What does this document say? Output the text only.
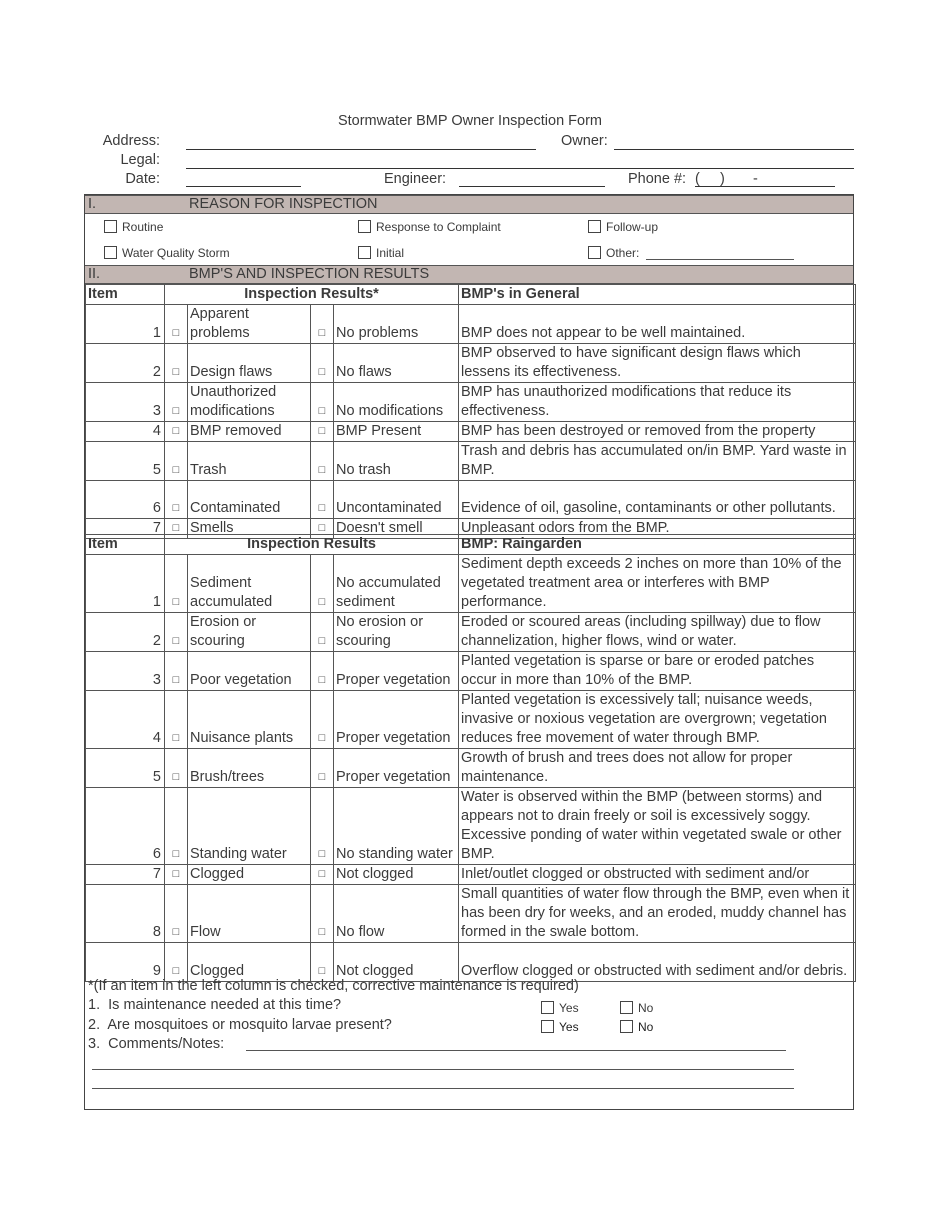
Stormwater BMP Owner Inspection Form
Address:	Owner:
Legal:
Date:	Engineer:	Phone #: (     )       -
I.	REASON FOR INSPECTION
Routine	Response to Complaint	Follow-up
Water Quality Storm	Initial	Other:
II.	BMP'S AND INSPECTION RESULTS
Item	Inspection Results*				BMP's in General
1	□	Apparent problems	□	No problems	BMP does not appear to be well maintained.
2	□	Design flaws	□	No flaws	BMP observed to have significant design flaws which lessens its effectiveness.
3	□	Unauthorized modifications	□	No modifications	BMP has unauthorized modifications that reduce its effectiveness.
4	□	BMP removed	□	BMP Present	BMP has been destroyed or removed from the property
5	□	Trash	□	No trash	Trash and debris has accumulated on/in BMP. Yard waste in BMP.
6	□	Contaminated	□	Uncontaminated	Evidence of oil, gasoline, contaminants or other pollutants.
7	□	Smells	□	Doesn't smell	Unpleasant odors from the BMP.
Item	Inspection Results				BMP: Raingarden
1	□	Sediment accumulated	□	No accumulated sediment	Sediment depth exceeds 2 inches on more than 10% of the vegetated treatment area or interferes with BMP performance.
2	□	Erosion or scouring	□	No erosion or scouring	Eroded or scoured areas (including spillway) due to flow channelization, higher flows, wind or water.
3	□	Poor vegetation	□	Proper vegetation	Planted vegetation is sparse or bare or eroded patches occur in more than 10% of the BMP.
4	□	Nuisance plants	□	Proper vegetation	Planted vegetation is excessively tall; nuisance weeds, invasive or noxious vegetation are overgrown; vegetation reduces free movement of water through BMP.
5	□	Brush/trees	□	Proper vegetation	Growth of brush and trees does not allow for proper maintenance.
6	□	Standing water	□	No standing water	Water is observed within the BMP (between storms) and appears not to drain freely or soil is excessively soggy. Excessive ponding of water within vegetated swale or other BMP.
7	□	Clogged	□	Not clogged	Inlet/outlet clogged or obstructed with sediment and/or
8	□	Flow	□	No flow	Small quantities of water flow through the BMP, even when it has been dry for weeks, and an eroded, muddy channel has formed in the swale bottom.
9	□	Clogged	□	Not clogged	Overflow clogged or obstructed with sediment and/or debris.
*(If an item in the left column is checked, corrective maintenance is required)
1.  Is maintenance needed at this time?
2.  Are mosquitoes or mosquito larvae present?
3.  Comments/Notes:
Yes	No
Yes	No
